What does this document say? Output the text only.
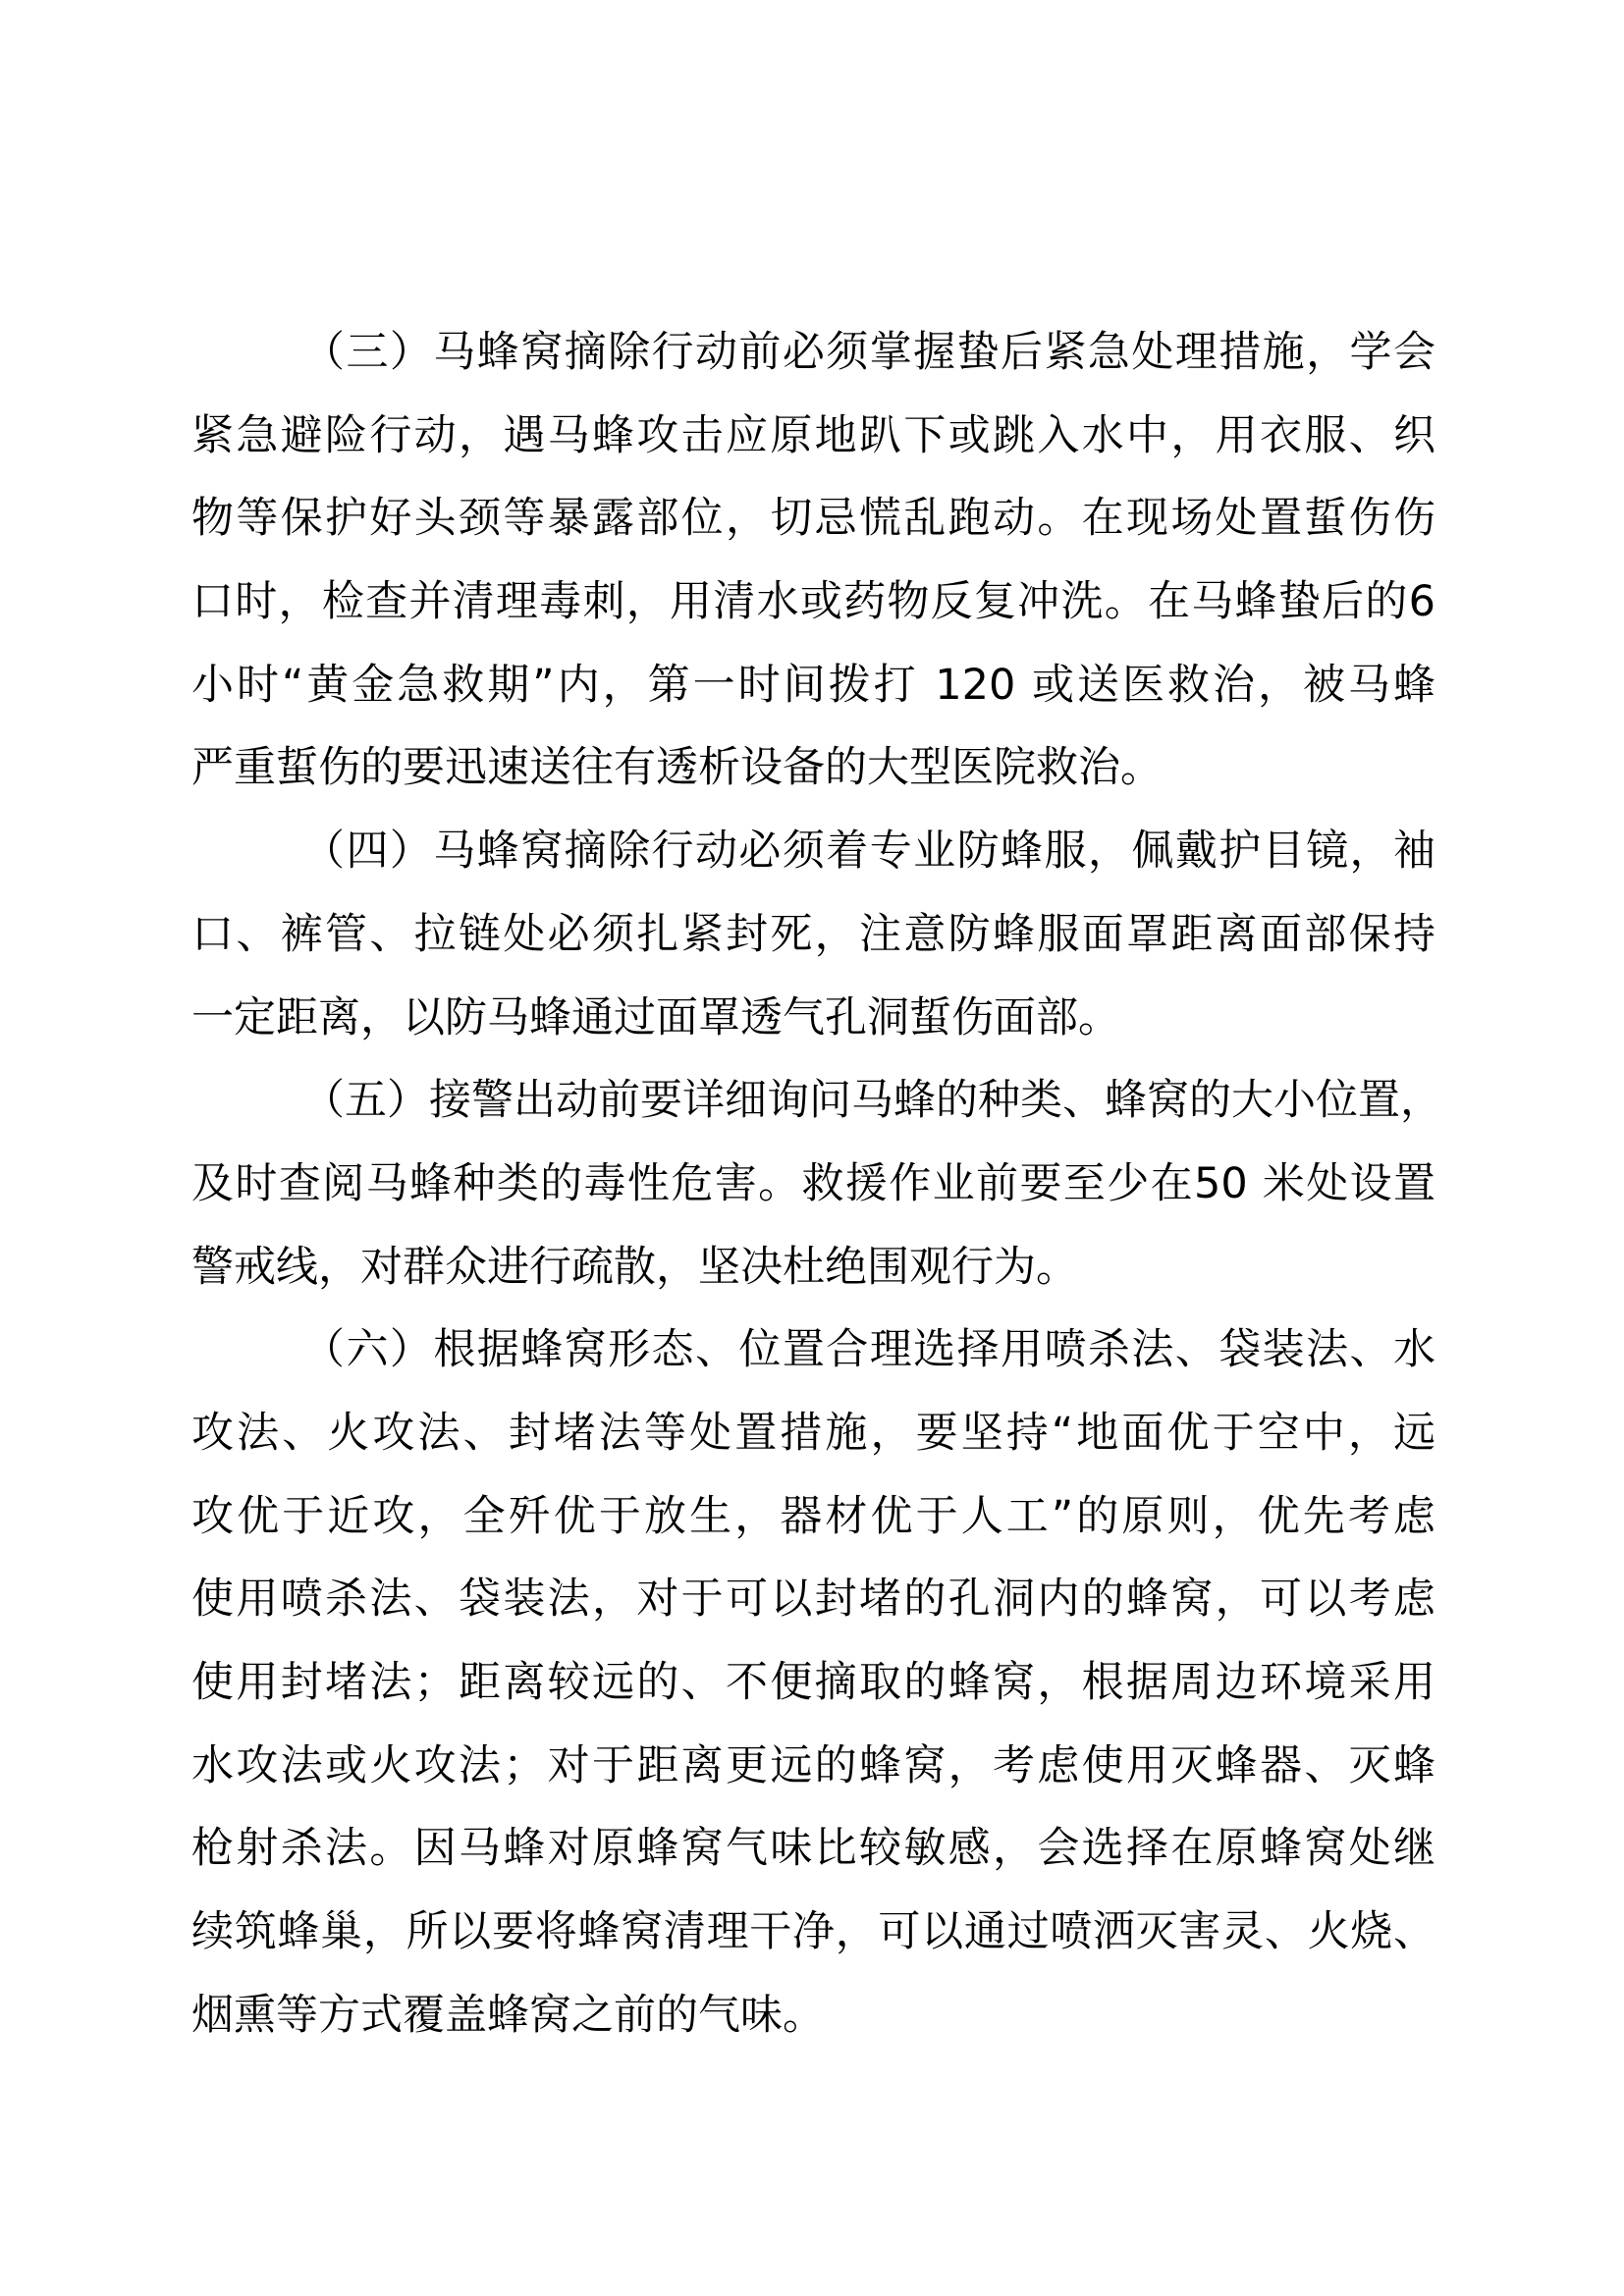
（三）马蜂窝摘除行动前必须掌握蛰后紧急处理措施，学会
紧急避险行动，遇马蜂攻击应原地趴下或跳入水中，用衣服、织
物等保护好头颈等暴露部位，切忌慌乱跑动。在现场处置蜇伤伤
口时，检查并清理毒刺，用清水或药物反复冲洗。在马蜂蛰后的6
小时“黄金急救期”内，第一时间拨打 120 或送医救治，被马蜂
严重蜇伤的要迅速送往有透析设备的大型医院救治。
（四）马蜂窝摘除行动必须着专业防蜂服，佩戴护目镜，袖
口、裤管、拉链处必须扎紧封死，注意防蜂服面罩距离面部保持
一定距离，以防马蜂通过面罩透气孔洞蜇伤面部。
（五）接警出动前要详细询问马蜂的种类、蜂窝的大小位置，
及时查阅马蜂种类的毒性危害。救援作业前要至少在50 米处设置
警戒线，对群众进行疏散，坚决杜绝围观行为。
（六）根据蜂窝形态、位置合理选择用喷杀法、袋装法、水
攻法、火攻法、封堵法等处置措施，要坚持“地面优于空中，远
攻优于近攻，全歼优于放生，器材优于人工”的原则，优先考虑
使用喷杀法、袋装法，对于可以封堵的孔洞内的蜂窝，可以考虑
使用封堵法；距离较远的、不便摘取的蜂窝，根据周边环境采用
水攻法或火攻法；对于距离更远的蜂窝，考虑使用灭蜂器、灭蜂
枪射杀法。因马蜂对原蜂窝气味比较敏感，会选择在原蜂窝处继
续筑蜂巢，所以要将蜂窝清理干净，可以通过喷洒灭害灵、火烧、
烟熏等方式覆盖蜂窝之前的气味。
